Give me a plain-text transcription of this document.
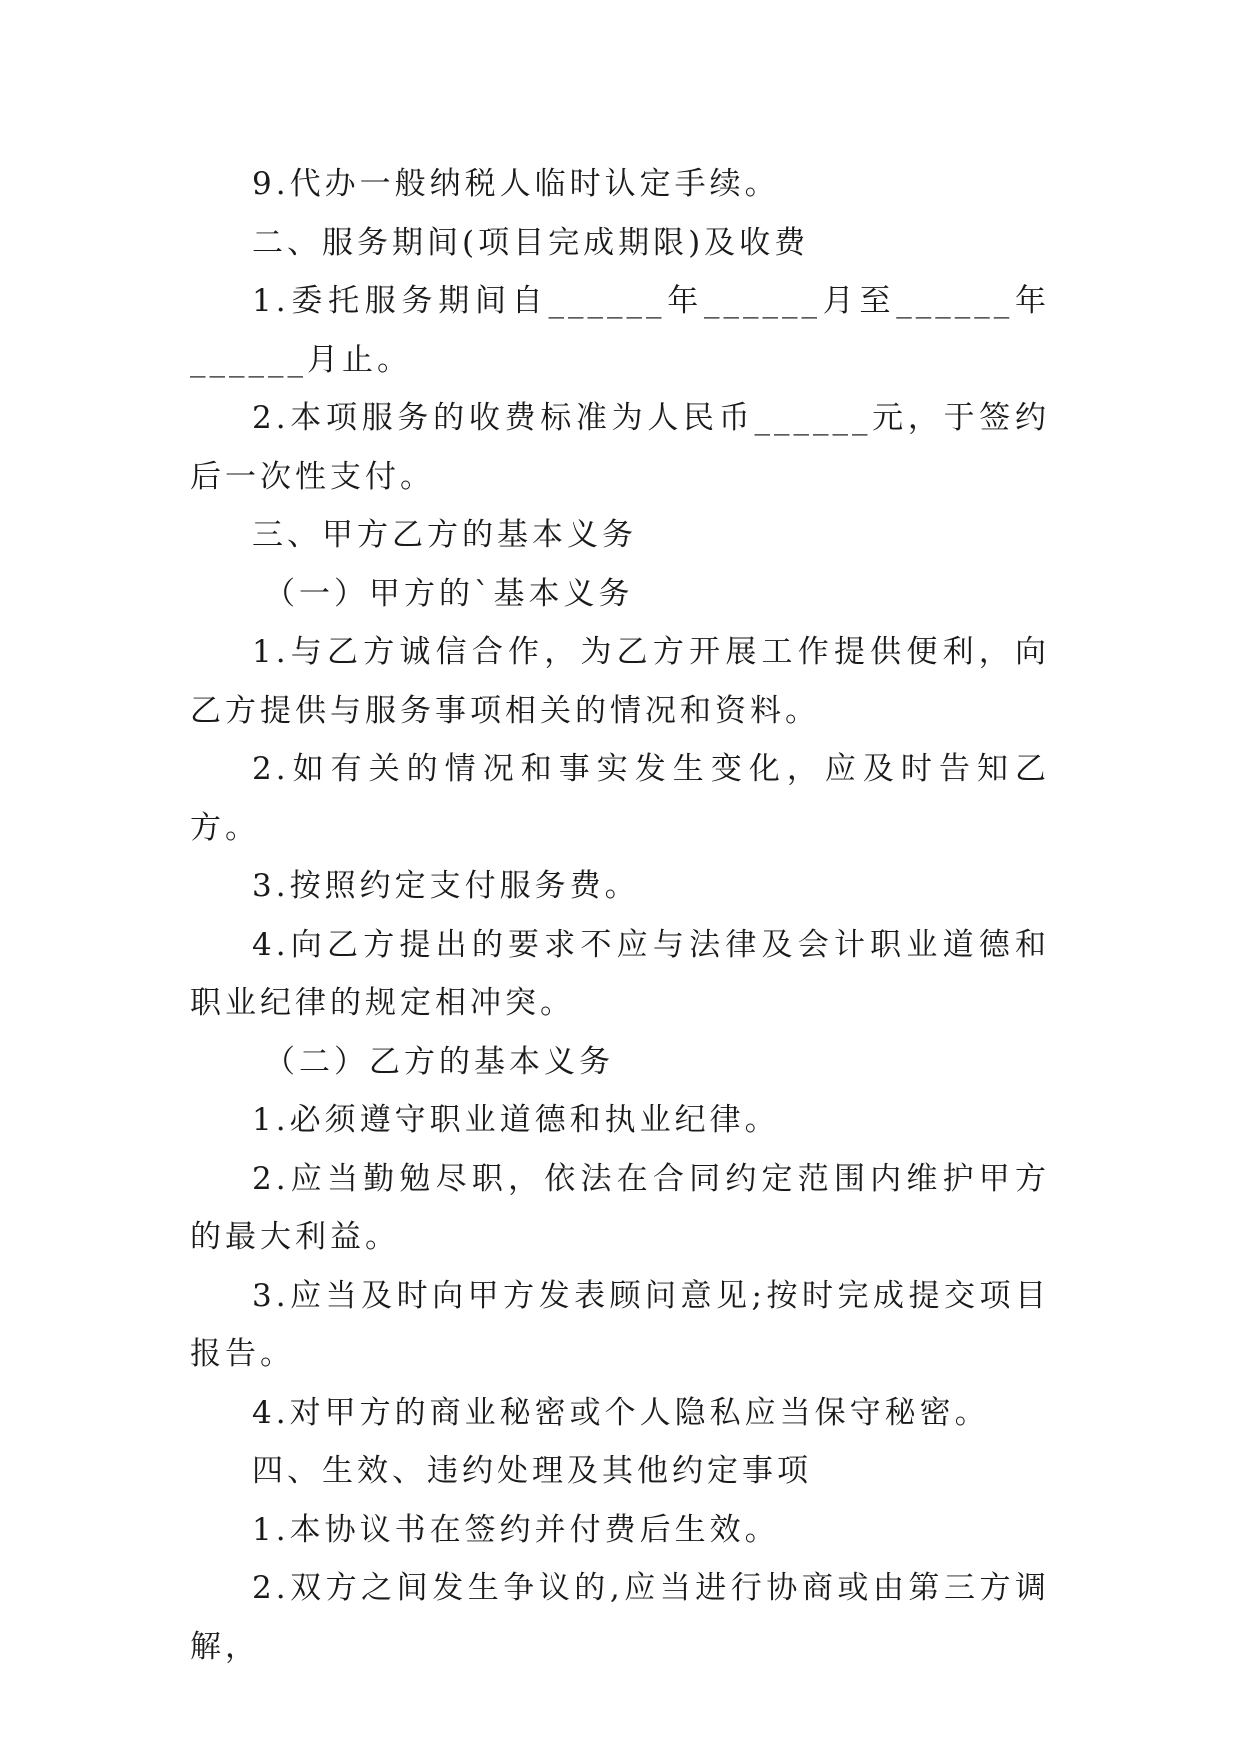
9.代办一般纳税人临时认定手续。

二、服务期间(项目完成期限)及收费

1.委托服务期间自______年______月至______年______月止。

2.本项服务的收费标准为人民币______元，于签约后一次性支付。

三、甲方乙方的基本义务

（一）甲方的`基本义务

1.与乙方诚信合作，为乙方开展工作提供便利，向乙方提供与服务事项相关的情况和资料。

2.如有关的情况和事实发生变化，应及时告知乙方。

3.按照约定支付服务费。

4.向乙方提出的要求不应与法律及会计职业道德和职业纪律的规定相冲突。

（二）乙方的基本义务

1.必须遵守职业道德和执业纪律。

2.应当勤勉尽职，依法在合同约定范围内维护甲方的最大利益。

3.应当及时向甲方发表顾问意见;按时完成提交项目报告。

4.对甲方的商业秘密或个人隐私应当保守秘密。

四、生效、违约处理及其他约定事项

1.本协议书在签约并付费后生效。

2.双方之间发生争议的,应当进行协商或由第三方调解，
